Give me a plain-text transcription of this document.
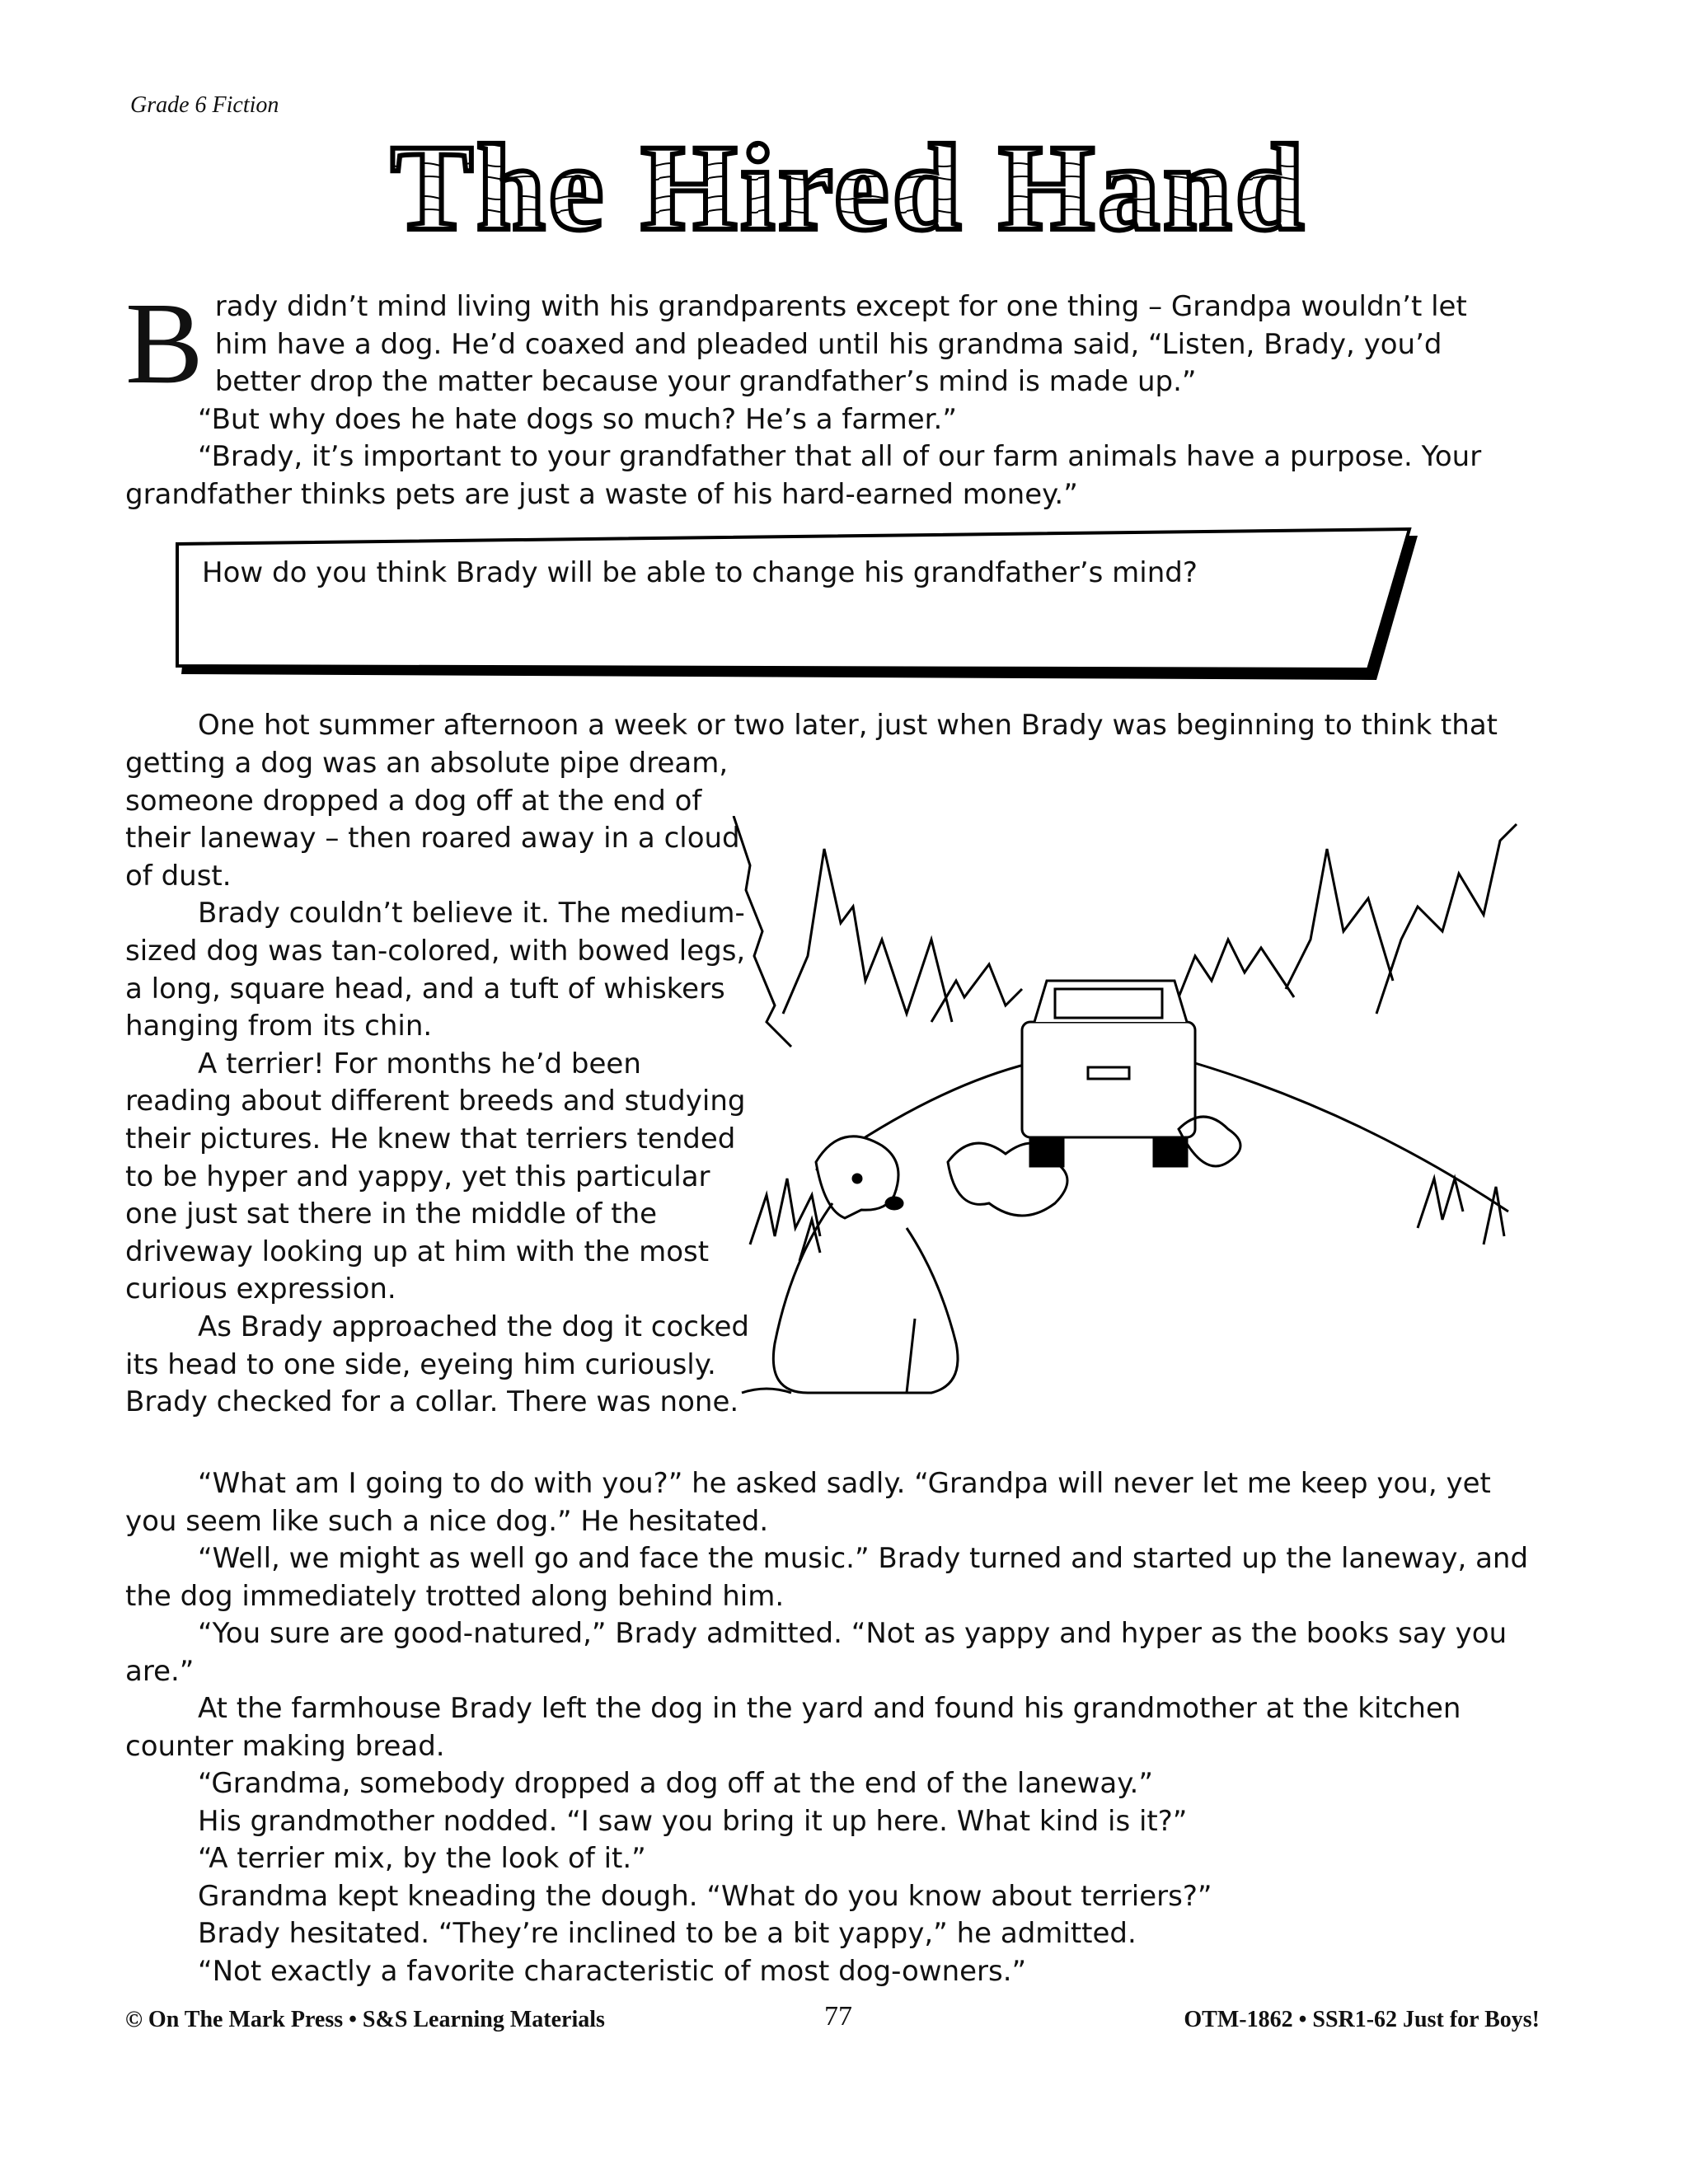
Grade 6 Fiction
The Hired Hand
Brady didn’t mind living with his grandparents except for one thing – Grandpa wouldn’t let him have a dog. He’d coaxed and pleaded until his grandma said, “Listen, Brady, you’d better drop the matter because your grandfather’s mind is made up.”
“But why does he hate dogs so much? He’s a farmer.”
“Brady, it’s important to your grandfather that all of our farm animals have a purpose. Your grandfather thinks pets are just a waste of his hard-earned money.”
How do you think Brady will be able to change his grandfather’s mind?
One hot summer afternoon a week or two later, just when Brady was beginning to think that

getting a dog was an absolute pipe dream, someone dropped a dog off at the end of their laneway – then roared away in a cloud of dust.

Brady couldn’t believe it. The medium-sized dog was tan-colored, with bowed legs, a long, square head, and a tuft of whiskers hanging from its chin.

A terrier! For months he’d been reading about different breeds and studying their pictures. He knew that terriers tended to be hyper and yappy, yet this particular one just sat there in the middle of the driveway looking up at him with the most curious expression.

As Brady approached the dog it cocked its head to one side, eyeing him curiously. Brady checked for a collar. There was none.

“What am I going to do with you?” he asked sadly. “Grandpa will never let me keep you, yet you seem like such a nice dog.” He hesitated.
“Well, we might as well go and face the music.” Brady turned and started up the laneway, and the dog immediately trotted along behind him.
“You sure are good-natured,” Brady admitted. “Not as yappy and hyper as the books say you are.”
At the farmhouse Brady left the dog in the yard and found his grandmother at the kitchen counter making bread.
“Grandma, somebody dropped a dog off at the end of the laneway.”
His grandmother nodded. “I saw you bring it up here. What kind is it?”
“A terrier mix, by the look of it.”
Grandma kept kneading the dough. “What do you know about terriers?”
Brady hesitated. “They’re inclined to be a bit yappy,” he admitted.
“Not exactly a favorite characteristic of most dog-owners.”
© On The Mark Press • S&S Learning Materials	77	OTM-1862 • SSR1-62 Just for Boys!
